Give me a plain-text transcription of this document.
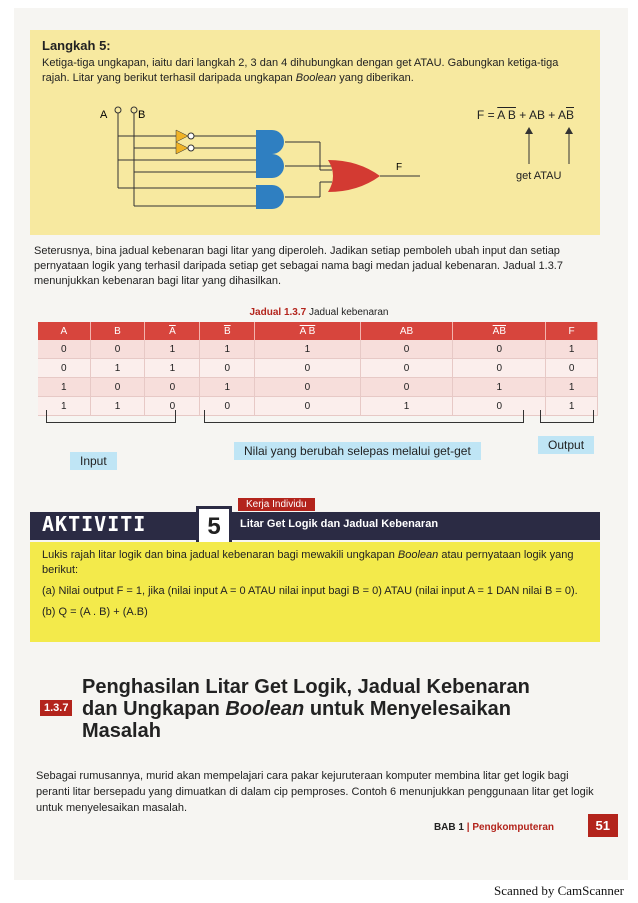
Langkah 5:
Ketiga-tiga ungkapan, iaitu dari langkah 2, 3 dan 4 dihubungkan dengan get ATAU. Gabungkan ketiga-tiga rajah. Litar yang berikut terhasil daripada ungkapan Boolean yang diberikan.
F = A B + AB + $A\overline{B}$
get ATAU
A	B
F
Seterusnya, bina jadual kebenaran bagi litar yang diperoleh. Jadikan setiap pemboleh ubah input dan setiap pernyataan logik yang terhasil daripada setiap get sebagai nama bagi medan jadual kebenaran. Jadual 1.3.7 menunjukkan kebenaran bagi litar yang dihasilkan.
Jadual 1.3.7 Jadual kebenaran
A	B	$\overline{A}$	$\overline{B}$	A B	AB	$\overline{AB}$	F
0	0	1	1	1	0	0	1
0	1	1	0	0	0	0	0
1	0	0	1	0	0	1	1
1	1	0	0	0	1	0	1
Input
Nilai yang berubah selepas melalui get-get	Output
AKTIVITI	5
Kerja Individu
Litar Get Logik dan Jadual Kebenaran

Lukis rajah litar logik dan bina jadual kebenaran bagi mewakili ungkapan Boolean atau pernyataan logik yang berikut:

(a) Nilai output F = 1, jika (nilai input A = 0 ATAU nilai input bagi B = 0) ATAU (nilai input A = 1 DAN nilai B = 0).

(b) Q = (A . B) + (A.B)

1.3.7
Penghasilan Litar Get Logik, Jadual Kebenaran dan Ungkapan Boolean untuk Menyelesaikan Masalah
Sebagai rumusannya, murid akan mempelajari cara pakar kejuruteraan komputer membina litar get logik bagi peranti litar bersepadu yang dimuatkan di dalam cip pemproses. Contoh 6 menunjukkan penggunaan litar get logik untuk menyelesaikan masalah.
BAB 1 | Pengkomputeran	51
Scanned by CamScanner
